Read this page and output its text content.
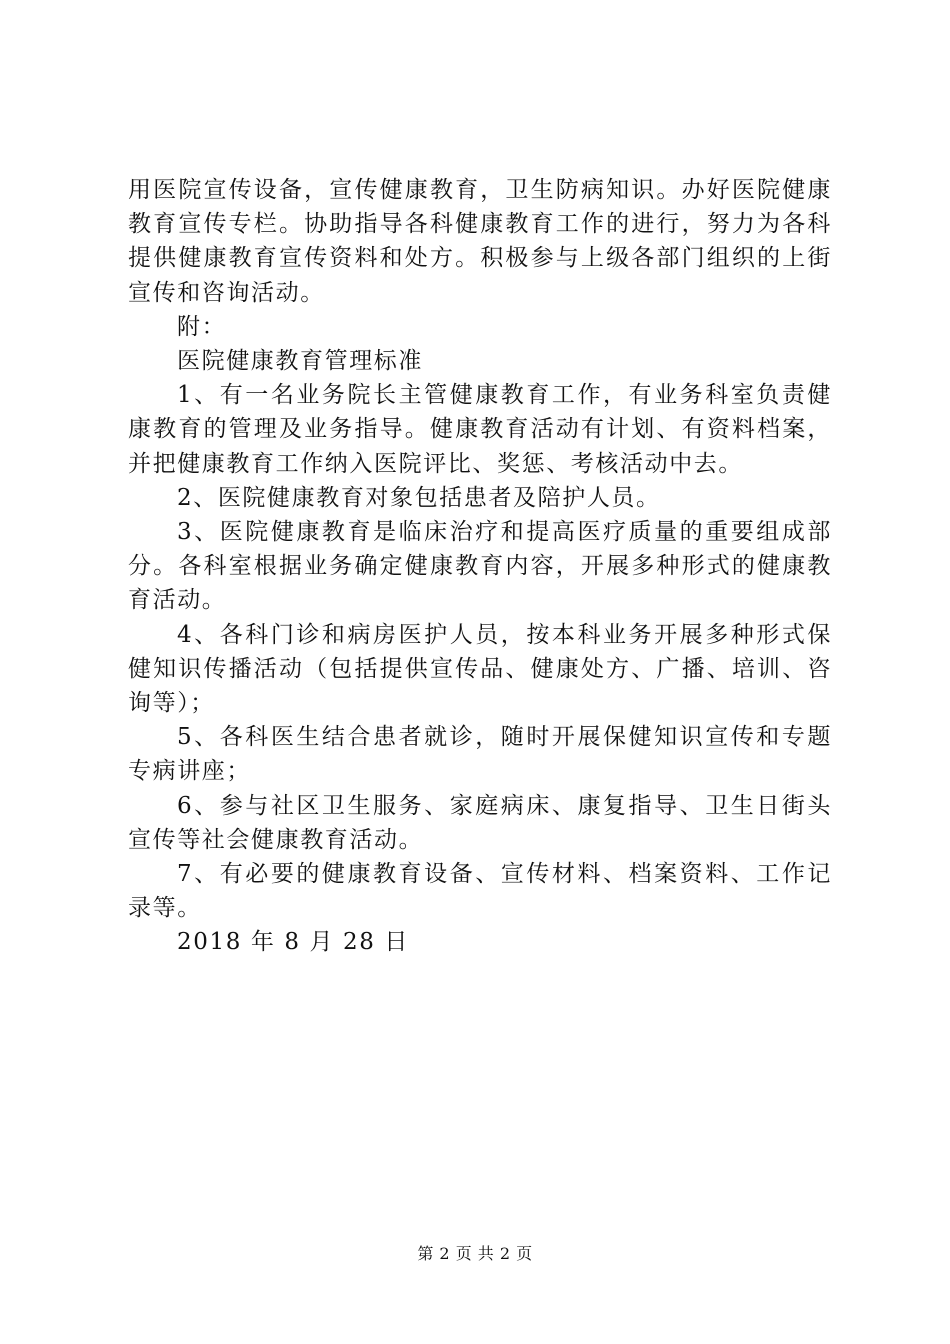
用医院宣传设备，宣传健康教育，卫生防病知识。办好医院健康教育宣传专栏。协助指导各科健康教育工作的进行，努力为各科提供健康教育宣传资料和处方。积极参与上级各部门组织的上街宣传和咨询活动。

附：

医院健康教育管理标准

1、有一名业务院长主管健康教育工作，有业务科室负责健康教育的管理及业务指导。健康教育活动有计划、有资料档案，并把健康教育工作纳入医院评比、奖惩、考核活动中去。

2、医院健康教育对象包括患者及陪护人员。

3、医院健康教育是临床治疗和提高医疗质量的重要组成部分。各科室根据业务确定健康教育内容，开展多种形式的健康教育活动。

4、各科门诊和病房医护人员，按本科业务开展多种形式保健知识传播活动（包括提供宣传品、健康处方、广播、培训、咨询等）；

5、各科医生结合患者就诊，随时开展保健知识宣传和专题专病讲座；

6、参与社区卫生服务、家庭病床、康复指导、卫生日街头宣传等社会健康教育活动。

7、有必要的健康教育设备、宣传材料、档案资料、工作记录等。

2018 年 8 月 28 日

第 2 页 共 2 页
